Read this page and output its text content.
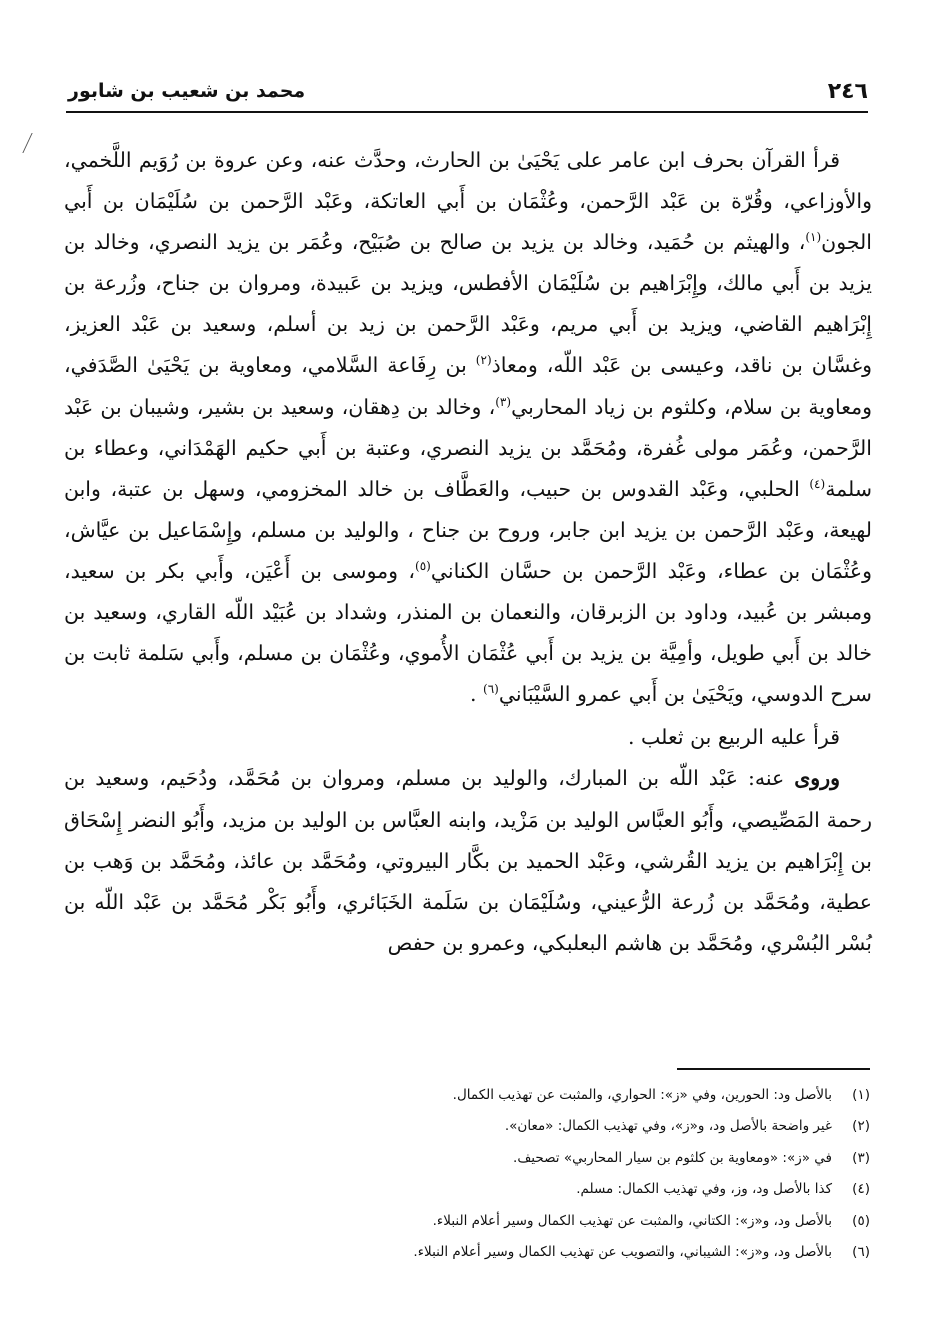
٢٤٦
محمد بن شعيب بن شابور

قرأ القرآن بحرف ابن عامر على يَحْيَىٰ بن الحارث، وحدَّث عنه، وعن عروة بن رُوَيم اللَّخمي، والأوزاعي، وقُرّة بن عَبْد الرَّحمن، وعُثْمَان بن أَبي العاتكة، وعَبْد الرَّحمن بن سُلَيْمَان بن أَبي الجون$^{(١)}$، والهيثم بن حُمَيد، وخالد بن يزيد بن صالح بن صُبَيْح، وعُمَر بن يزيد النصري، وخالد بن يزيد بن أَبي مالك، وإِبْرَاهيم بن سُلَيْمَان الأفطس، ويزيد بن عَبيدة، ومروان بن جناح، وزُرعة بن إِبْرَاهيم القاضي، ويزيد بن أَبي مريم، وعَبْد الرَّحمن بن زيد بن أسلم، وسعيد بن عَبْد العزيز، وغسَّان بن ناقد، وعيسى بن عَبْد اللّه، ومعاذ$^{(٢)}$ بن رِفَاعة السَّلامي، ومعاوية بن يَحْيَىٰ الصَّدَفي، ومعاوية بن سلام، وكلثوم بن زياد المحاربي$^{(٣)}$، وخالد بن دِهقان، وسعيد بن بشير، وشيبان بن عَبْد الرَّحمن، وعُمَر مولى غُفرة، ومُحَمَّد بن يزيد النصري، وعتبة بن أَبي حكيم الهَمْدَاني، وعطاء بن سلمة$^{(٤)}$ الحلبي، وعَبْد القدوس بن حبيب، والعَطَّاف بن خالد المخزومي، وسهل بن عتبة، وابن لهيعة، وعَبْد الرَّحمن بن يزيد ابن جابر، وروح بن جناح ، والوليد بن مسلم، وإِسْمَاعيل بن عيَّاش، وعُثْمَان بن عطاء، وعَبْد الرَّحمن بن حسَّان الكناني$^{(٥)}$، وموسى بن أَعْيَن، وأَبي بكر بن سعيد، ومبشر بن عُبيد، وداود بن الزبرقان، والنعمان بن المنذر، وشداد بن عُبَيْد اللّه القاري، وسعيد بن خالد بن أَبي طويل، وأمِيَّة بن يزيد بن أَبي عُثْمَان الأُموي، وعُثْمَان بن مسلم، وأَبي سَلمة ثابت بن سرح الدوسي، ويَحْيَىٰ بن أَبي عمرو السَّيْبَاني$^{(٦)}$ .

قرأ عليه الربيع بن ثعلب .

وروى عنه: عَبْد اللّه بن المبارك، والوليد بن مسلم، ومروان بن مُحَمَّد، ودُحَيم، وسعيد بن رحمة المَصِّيصي، وأَبُو العبَّاس الوليد بن مَزْيد، وابنه العبَّاس بن الوليد بن مزيد، وأَبُو النضر إِسْحَاق بن إِبْرَاهيم بن يزيد القُرشي، وعَبْد الحميد بن بكَّار البيروتي، ومُحَمَّد بن عائذ، ومُحَمَّد بن وَهب بن عطية، ومُحَمَّد بن زُرعة الرُّعيني، وسُلَيْمَان بن سَلَمة الخَبَائري، وأَبُو بَكْر مُحَمَّد بن عَبْد اللّه بن بُسْر البُسْري، ومُحَمَّد بن هاشم البعلبكي، وعمرو بن حفص

(١)
بالأصل ود: الحورين، وفي «ز»: الحواري، والمثبت عن تهذيب الكمال.
(٢)
غير واضحة بالأصل ود، و«ز»، وفي تهذيب الكمال: «معان».
(٣)
في «ز»: «ومعاوية بن كلثوم بن سيار المحاربي» تصحيف.
(٤)
كذا بالأصل ود، وز، وفي تهذيب الكمال: مسلم.
(٥)
بالأصل ود، و«ز»: الكتاني، والمثبت عن تهذيب الكمال وسير أعلام النبلاء.
(٦)
بالأصل ود، و«ز»: الشيباني، والتصويب عن تهذيب الكمال وسير أعلام النبلاء.
